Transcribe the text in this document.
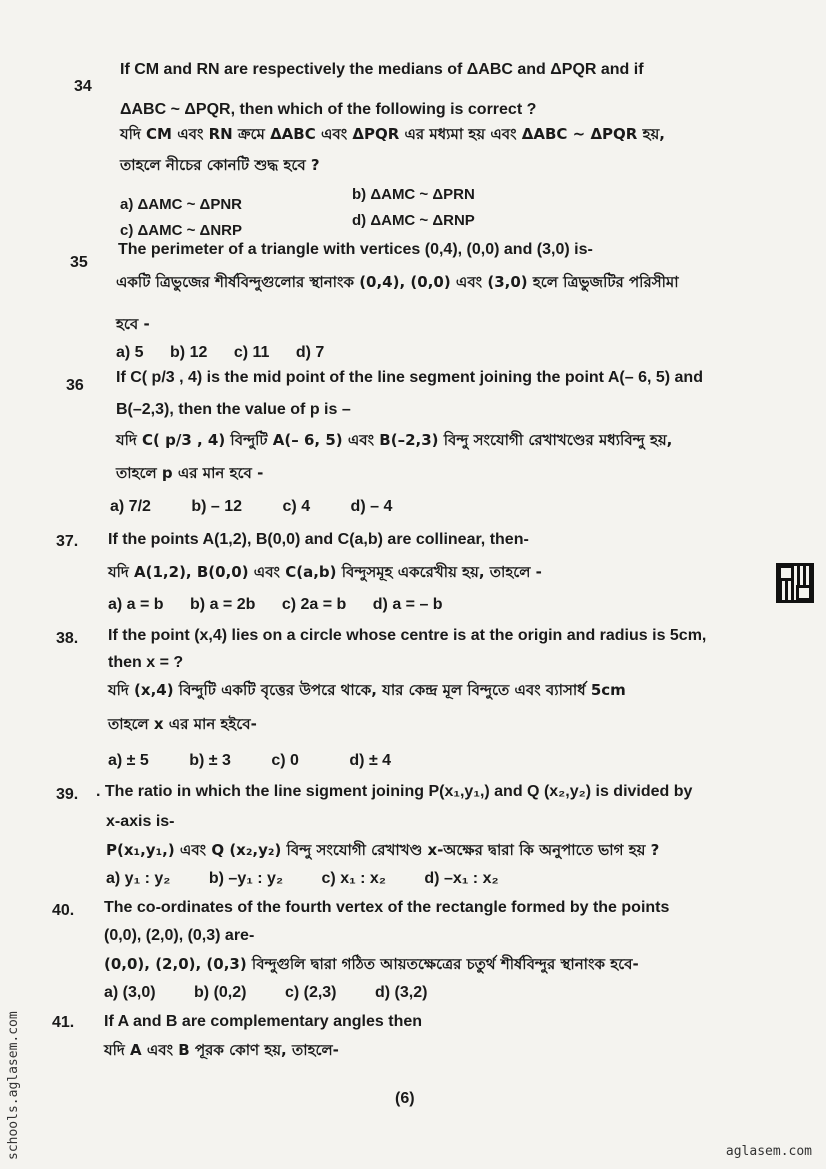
34
If CM and RN are respectively the medians of ΔABC and ΔPQR and if
ΔABC ~ ΔPQR, then which of the following is correct ?
যদি CM এবং RN ক্রমে ΔABC এবং ΔPQR এর মধ্যমা হয় এবং ΔABC ~ ΔPQR হয়,
তাহলে নীচের কোনটি শুদ্ধ হবে ?
a) ΔAMC ~ ΔPNR
b) ΔAMC ~ ΔPRN
c) ΔAMC ~ ΔNRP
d) ΔAMC ~ ΔRNP
35
The perimeter of a triangle with vertices (0,4), (0,0) and (3,0) is-
একটি ত্রিভুজের শীর্ষবিন্দুগুলোর স্থানাংক (0,4), (0,0) এবং (3,0) হলে ত্রিভুজটির পরিসীমা
হবে -
a) 5 b) 12 c) 11 d) 7
36 If C( p/3 , 4) is the mid point of the line segment joining the point A(– 6, 5) and
B(–2,3), then the value of p is –
যদি C( p/3 , 4) বিন্দুটি A(– 6, 5) এবং B(–2,3) বিন্দু সংযোগী রেখাখণ্ডের মধ্যবিন্দু হয়,
তাহলে p এর মান হবে -
a) 7/2	b) – 12	c) 4	d) – 4
37. If the points A(1,2), B(0,0) and C(a,b) are collinear, then-
যদি A(1,2), B(0,0) এবং C(a,b) বিন্দুসমূহ একরেখীয় হয়, তাহলে -
a) a = b b) a = 2b c) 2a = b d) a = – b
38. If the point (x,4) lies on a circle whose centre is at the origin and radius is 5cm,
then x = ?
যদি (x,4) বিন্দুটি একটি বৃত্তের উপরে থাকে, যার কেন্দ্র মূল বিন্দুতে এবং ব্যাসার্ধ 5cm
তাহলে x এর মান হইবে-
a) ± 5	b) ± 3	c) 0	d) ± 4
39. . The ratio in which the line sigment joining P(x₁,y₁,) and Q (x₂,y₂) is divided by
x-axis is-
P(x₁,y₁,) এবং Q (x₂,y₂) বিন্দু সংযোগী রেখাখণ্ড x-অক্ষের দ্বারা কি অনুপাতে ভাগ হয় ?
a) y₁ : y₂ b) –y₁ : y₂ c) x₁ : x₂ d) –x₁ : x₂
40. The co-ordinates of the fourth vertex of the rectangle formed by the points
(0,0), (2,0), (0,3) are-
(0,0), (2,0), (0,3) বিন্দুগুলি দ্বারা গঠিত আয়তক্ষেত্রের চতুর্থ শীর্ষবিন্দুর স্থানাংক হবে-
a) (3,0) b) (0,2) c) (2,3) d) (3,2)
41. If A and B are complementary angles then
যদি A এবং B পূরক কোণ হয়, তাহলে-
(6)
schools.aglasem.com	aglasem.com
